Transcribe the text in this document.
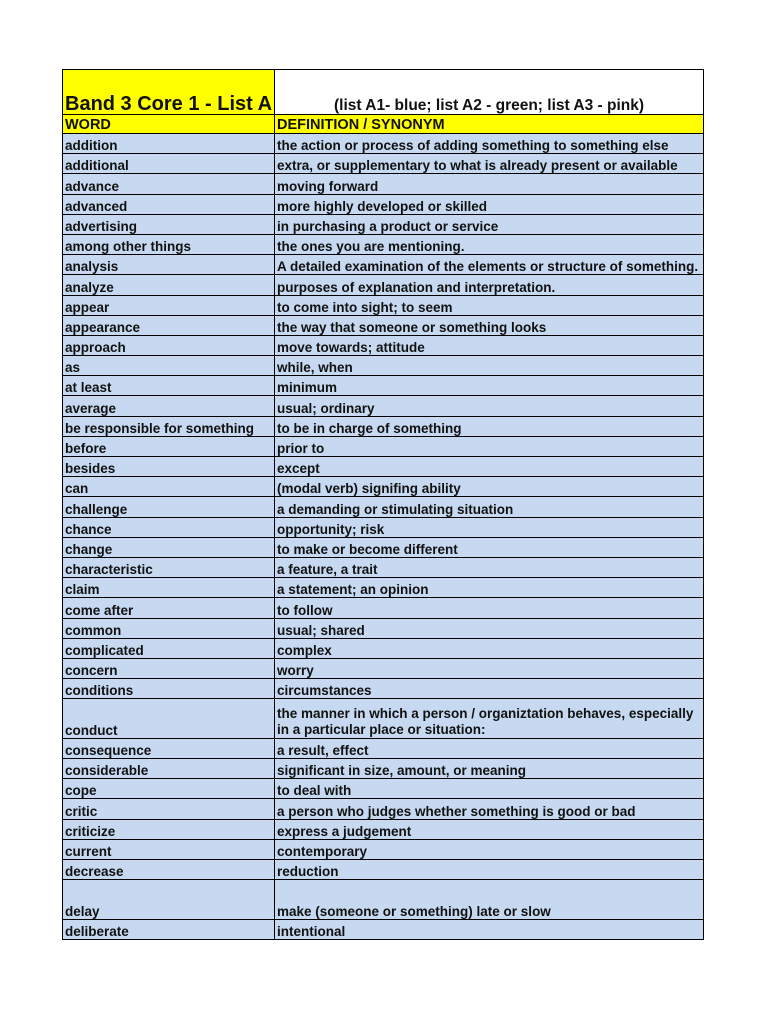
Band 3 Core 1 - List A	(list A1- blue; list A2 - green; list A3 - pink)
WORD	DEFINITION / SYNONYM
addition	the action or process of adding something to something else
additional	extra, or supplementary to what is already present or available
advance	moving forward
advanced	more highly developed or skilled
advertising	in purchasing a product or service
among other things	the ones you are mentioning.
analysis	A detailed examination of the elements or structure of something.
analyze	purposes of explanation and interpretation.
appear	to come into sight; to seem
appearance	the way that someone or something looks
approach	move towards; attitude
as	while, when
at least	minimum
average	usual; ordinary
be responsible for something	to be in charge of something
before	prior to
besides	except
can	(modal verb) signifing ability
challenge	a demanding or stimulating situation
chance	opportunity; risk
change	to make or become different
characteristic	a feature, a trait
claim	a statement; an opinion
come after	to follow
common	usual; shared
complicated	complex
concern	worry
conditions	circumstances
conduct	the manner in which a person / organiztation behaves, especially in a particular place or situation:
consequence	a result, effect
considerable	significant in size, amount, or meaning
cope	to deal with
critic	a person who judges whether something is good or bad
criticize	express a judgement
current	contemporary
decrease	reduction
delay	make (someone or something) late or slow
deliberate	intentional
